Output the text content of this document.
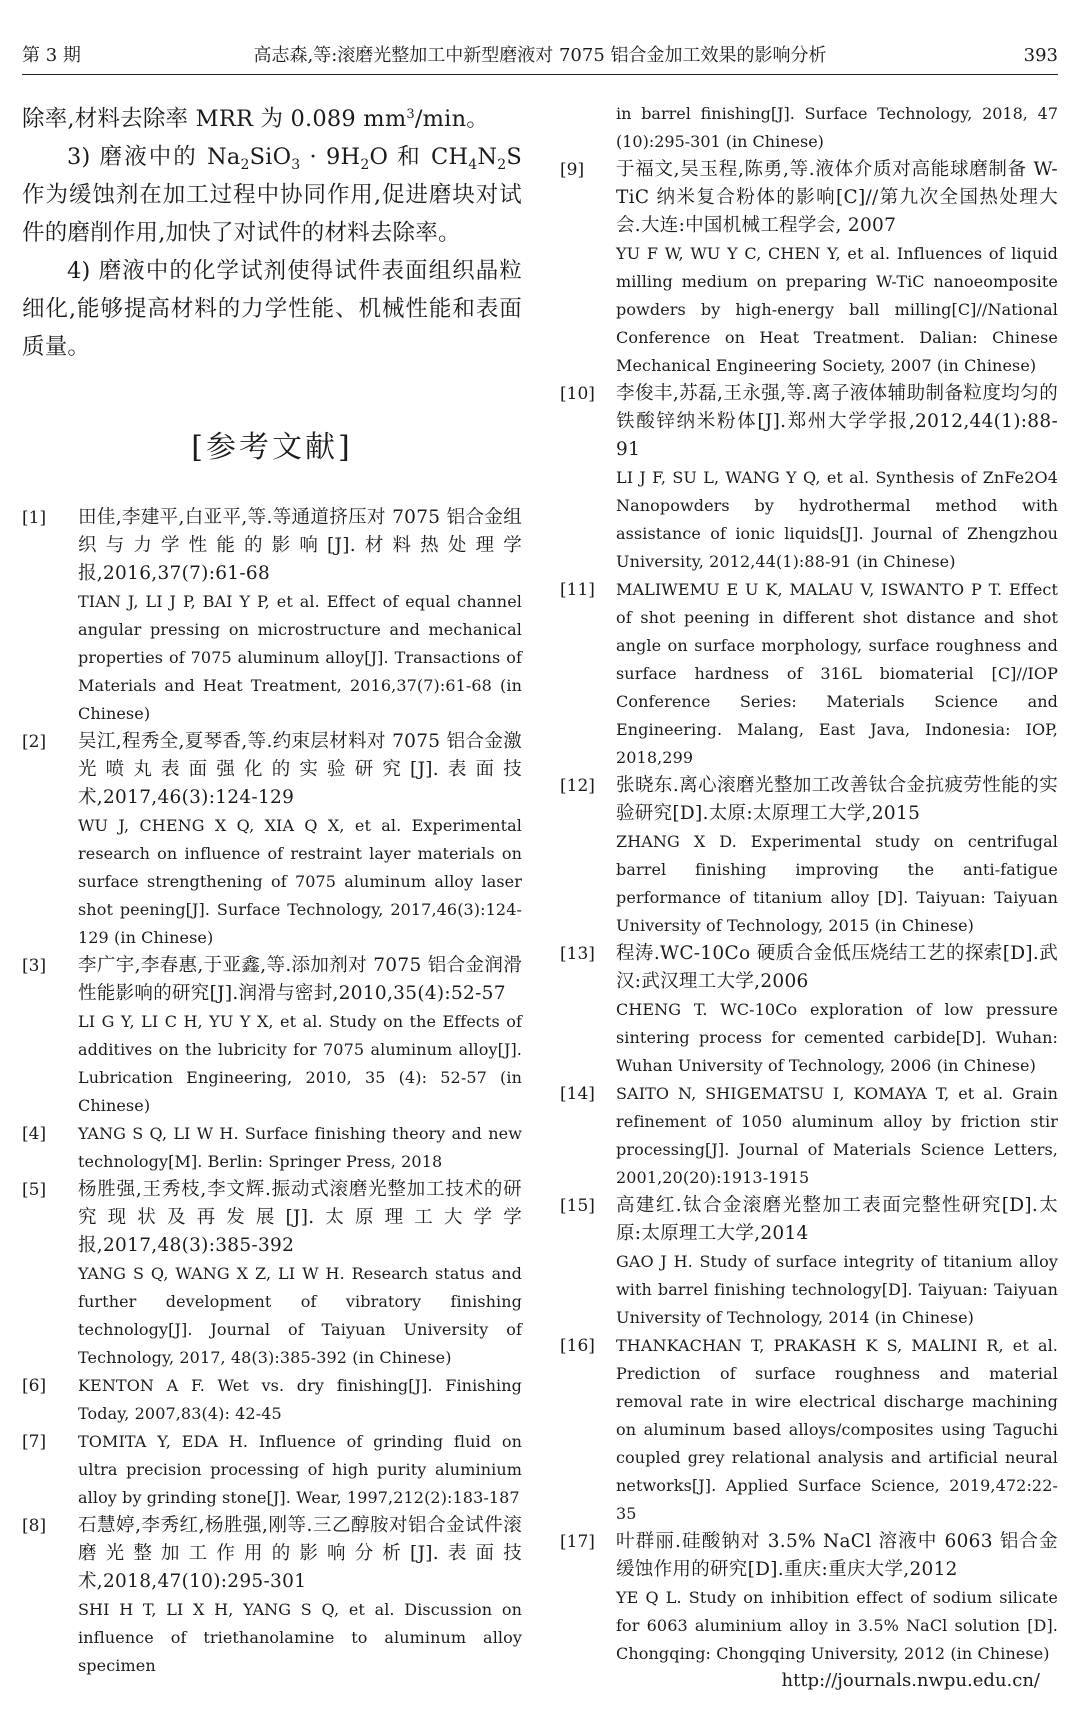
第 3 期	高志森,等:滚磨光整加工中新型磨液对 7075 铝合金加工效果的影响分析	393

除率,材料去除率 MRR 为 0.089 $mm^3/\min$。

3) 磨液中的 $Na_2SiO_3 \cdot 9H_2O$ 和 $CH_4N_2S$ 作为缓蚀剂在加工过程中协同作用,促进磨块对试件的磨削作用,加快了对试件的材料去除率。

4) 磨液中的化学试剂使得试件表面组织晶粒细化,能够提高材料的力学性能、机械性能和表面质量。

[参考文献]
[1]	田佳,李建平,白亚平,等.等通道挤压对 7075 铝合金组织与力学性能的影响[J].材料热处理学报,2016,37(7):61-68
TIAN J, LI J P, BAI Y P, et al. Effect of equal channel angular pressing on microstructure and mechanical properties of 7075 aluminum alloy[J]. Transactions of Materials and Heat Treatment, 2016,37(7):61-68 (in Chinese)
[2]	吴江,程秀全,夏琴香,等.约束层材料对 7075 铝合金激光喷丸表面强化的实验研究[J].表面技术,2017,46(3):124-129
WU J, CHENG X Q, XIA Q X, et al. Experimental research on influence of restraint layer materials on surface strengthening of 7075 aluminum alloy laser shot peening[J]. Surface Technology, 2017,46(3):124-129 (in Chinese)
[3]	李广宇,李春惠,于亚鑫,等.添加剂对 7075 铝合金润滑性能影响的研究[J].润滑与密封,2010,35(4):52-57
LI G Y, LI C H, YU Y X, et al. Study on the Effects of additives on the lubricity for 7075 aluminum alloy[J]. Lubrication Engineering, 2010, 35 (4): 52-57 (in Chinese)
[4]	YANG S Q, LI W H. Surface finishing theory and new technology[M]. Berlin: Springer Press, 2018
[5]	杨胜强,王秀枝,李文辉.振动式滚磨光整加工技术的研究现状及再发展[J].太原理工大学学报,2017,48(3):385-392
YANG S Q, WANG X Z, LI W H. Research status and further development of vibratory finishing technology[J]. Journal of Taiyuan University of Technology, 2017, 48(3):385-392 (in Chinese)
[6]	KENTON A F. Wet vs. dry finishing[J]. Finishing Today, 2007,83(4): 42-45
[7]	TOMITA Y, EDA H. Influence of grinding fluid on ultra precision processing of high purity aluminium alloy by grinding stone[J]. Wear, 1997,212(2):183-187
[8]	石慧婷,李秀红,杨胜强,刚等.三乙醇胺对铝合金试件滚磨光整加工作用的影响分析[J].表面技术,2018,47(10):295-301
SHI H T, LI X H, YANG S Q, et al. Discussion on influence of triethanolamine to aluminum alloy specimen
in barrel finishing[J]. Surface Technology, 2018, 47 (10):295-301 (in Chinese)
[9]	于福文,吴玉程,陈勇,等.液体介质对高能球磨制备 W-TiC 纳米复合粉体的影响[C]//第九次全国热处理大会.大连:中国机械工程学会, 2007
YU F W, WU Y C, CHEN Y, et al. Influences of liquid milling medium on preparing W-TiC nanoeomposite powders by high-energy ball milling[C]//National Conference on Heat Treatment. Dalian: Chinese Mechanical Engineering Society, 2007 (in Chinese)
[10]	李俊丰,苏磊,王永强,等.离子液体辅助制备粒度均匀的铁酸锌纳米粉体[J].郑州大学学报,2012,44(1):88-91
LI J F, SU L, WANG Y Q, et al. Synthesis of ZnFe2O4 Nanopowders by hydrothermal method with assistance of ionic liquids[J]. Journal of Zhengzhou University, 2012,44(1):88-91 (in Chinese)
[11]	MALIWEMU E U K, MALAU V, ISWANTO P T. Effect of shot peening in different shot distance and shot angle on surface morphology, surface roughness and surface hardness of 316L biomaterial [C]//IOP Conference Series: Materials Science and Engineering. Malang, East Java, Indonesia: IOP, 2018,299
[12]	张晓东.离心滚磨光整加工改善钛合金抗疲劳性能的实验研究[D].太原:太原理工大学,2015
ZHANG X D. Experimental study on centrifugal barrel finishing improving the anti-fatigue performance of titanium alloy [D]. Taiyuan: Taiyuan University of Technology, 2015 (in Chinese)
[13]	程涛.WC-10Co 硬质合金低压烧结工艺的探索[D].武汉:武汉理工大学,2006
CHENG T. WC-10Co exploration of low pressure sintering process for cemented carbide[D]. Wuhan: Wuhan University of Technology, 2006 (in Chinese)
[14]	SAITO N, SHIGEMATSU I, KOMAYA T, et al. Grain refinement of 1050 aluminum alloy by friction stir processing[J]. Journal of Materials Science Letters, 2001,20(20):1913-1915
[15]	高建红.钛合金滚磨光整加工表面完整性研究[D].太原:太原理工大学,2014
GAO J H. Study of surface integrity of titanium alloy with barrel finishing technology[D]. Taiyuan: Taiyuan University of Technology, 2014 (in Chinese)
[16]	THANKACHAN T, PRAKASH K S, MALINI R, et al. Prediction of surface roughness and material removal rate in wire electrical discharge machining on aluminum based alloys/composites using Taguchi coupled grey relational analysis and artificial neural networks[J]. Applied Surface Science, 2019,472:22-35
[17]	叶群丽.硅酸钠对 3.5% NaCl 溶液中 6063 铝合金缓蚀作用的研究[D].重庆:重庆大学,2012
YE Q L. Study on inhibition effect of sodium silicate for 6063 aluminium alloy in 3.5% NaCl solution [D]. Chongqing: Chongqing University, 2012 (in Chinese)
http://journals.nwpu.edu.cn/
